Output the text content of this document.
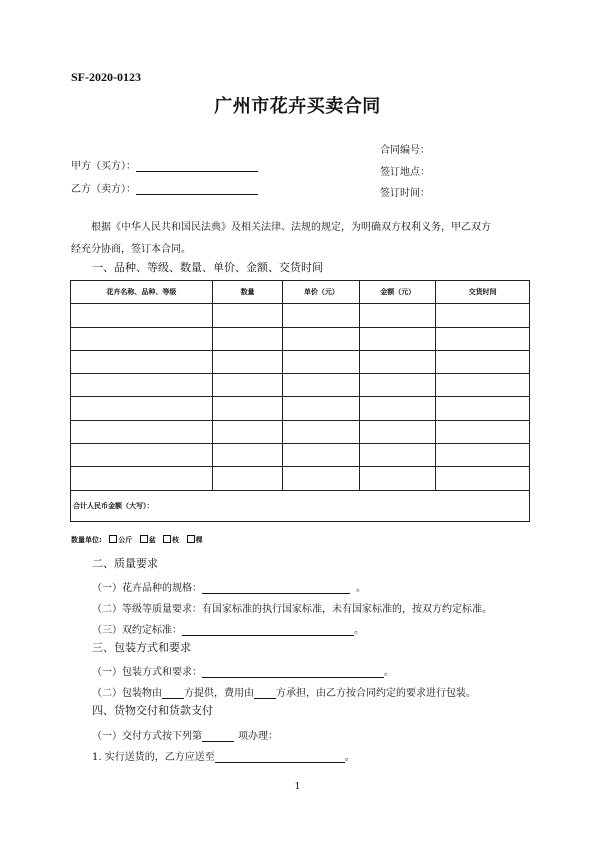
SF-2020-0123
广州市花卉买卖合同
合同编号：
签订地点：
签订时间：
甲方（买方）：
乙方（卖方）：

根据《中华人民共和国民法典》及相关法律、法规的规定，为明确双方权利义务，甲乙双方

经充分协商，签订本合同。
一、品种、等级、数量、单价、金额、交货时间
花卉名称、品种、等级	数量	单价（元）	金额（元）	交货时间

合计人民币金额（大写）：				
数量单位: 公斤 盆 枝 棵
二、质量要求
（一）花卉品种的规格：	。
（二）等级等质量要求：有国家标准的执行国家标准，未有国家标准的，按双方约定标准。
（三）双约定标准：	。
三、包装方式和要求
（一）包装方式和要求：	。
（二）包装物由 方提供，费用由 方承担，由乙方按合同约定的要求进行包装。
四、货物交付和货款支付
（一）交付方式按下列第	项办理：
1. 实行送货的，乙方应送至	。
1
